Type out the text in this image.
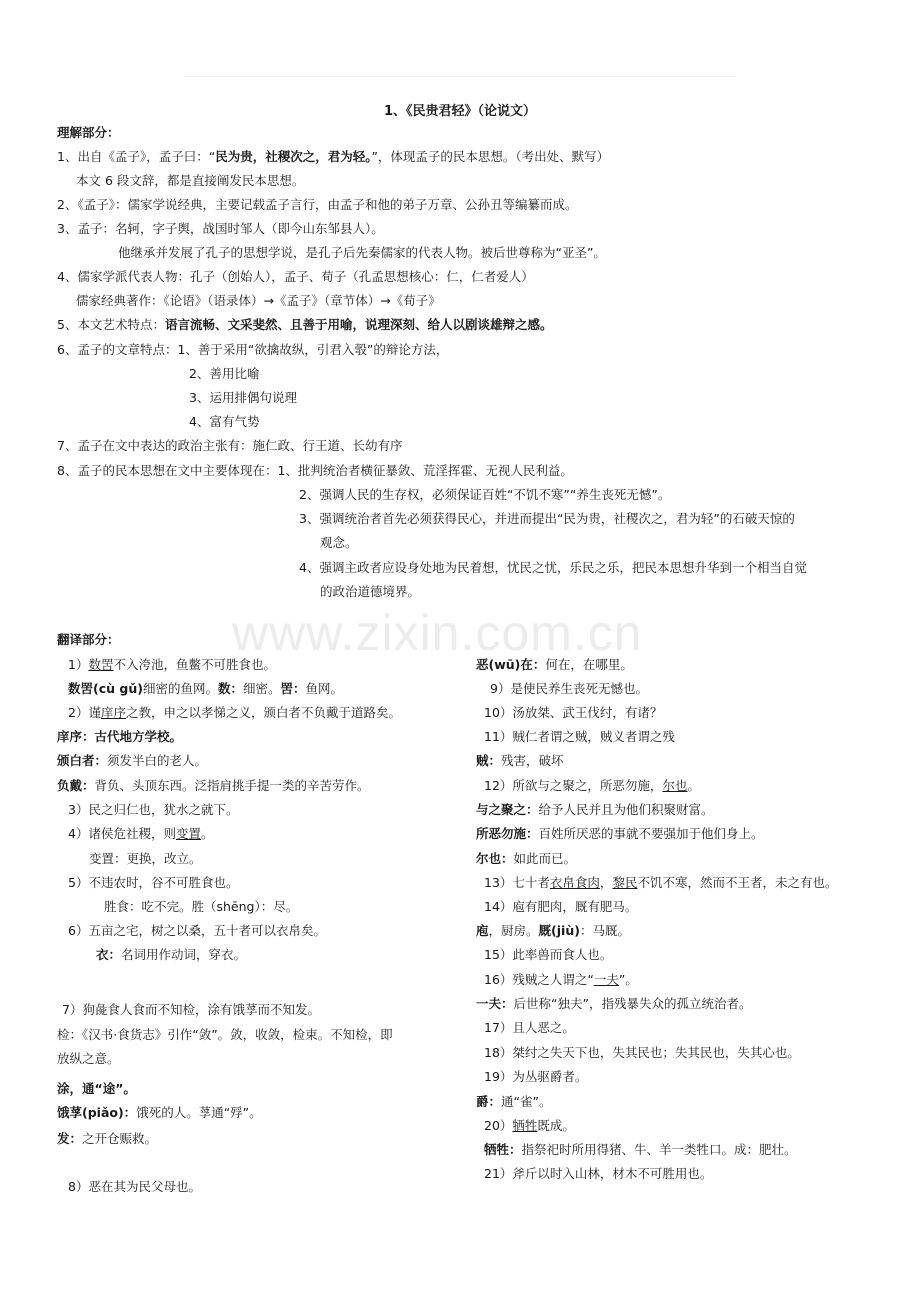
1、《民贵君轻》（论说文）
理解部分：
1、出自《孟子》，孟子曰：“民为贵，社稷次之，君为轻。”，体现孟子的民本思想。（考出处、默写）
本文 6 段文辞，都是直接阐发民本思想。
2、《孟子》：儒家学说经典，主要记载孟子言行，由孟子和他的弟子万章、公孙丑等编纂而成。
3、孟子：名轲，字子舆，战国时邹人（即今山东邹县人）。
他继承并发展了孔子的思想学说，是孔子后先秦儒家的代表人物。被后世尊称为“亚圣”。
4、儒家学派代表人物：孔子（创始人），孟子、荀子（孔孟思想核心：仁，仁者爱人）
儒家经典著作：《论语》（语录体）→《孟子》（章节体）→《荀子》
5、本文艺术特点：语言流畅、文采斐然、且善于用喻，说理深刻、给人以剧谈雄辩之感。
6、孟子的文章特点：1、善于采用“欲擒故纵，引君入彀”的辩论方法，
2、善用比喻
3、运用排偶句说理
4、富有气势
7、孟子在文中表达的政治主张有：施仁政、行王道、长幼有序
8、孟子的民本思想在文中主要体现在：1、批判统治者横征暴敛、荒淫挥霍、无视人民利益。
2、强调人民的生存权，必须保证百姓“不饥不寒”“养生丧死无憾”。
3、强调统治者首先必须获得民心，并进而提出“民为贵，社稷次之，君为轻”的石破天惊的
观念。
4、强调主政者应设身处地为民着想，忧民之忧，乐民之乐，把民本思想升华到一个相当自觉
的政治道德境界。
www.zixin.com.cn
翻译部分：
1）数罟不入洿池，鱼鳖不可胜食也。
数罟(cù gǔ)细密的鱼网。数：细密。罟：鱼网。
2）谨庠序之教，申之以孝悌之义，颁白者不负戴于道路矣。
庠序：古代地方学校。
颁白者：须发半白的老人。
负戴：背负、头顶东西。泛指肩挑手提一类的辛苦劳作。
3）民之归仁也，犹水之就下。
4）诸侯危社稷，则变置。
变置：更换，改立。
5）不违农时，谷不可胜食也。
胜食：吃不完。胜（shēng）：尽。
6）五亩之宅，树之以桑，五十者可以衣帛矣。
衣：名词用作动词，穿衣。
7）狗彘食人食而不知检，涂有饿莩而不知发。
检：《汉书·食货志》引作“敛”。敛，收敛，检束。不知检，即
放纵之意。
涂，通“途”。
饿莩(piǎo)：饿死的人。莩通“殍”。
发：之开仓赈救。
8）恶在其为民父母也。
恶(wū)在：何在，在哪里。
9）是使民养生丧死无憾也。
10）汤放桀、武王伐纣，有诸？
11）贼仁者谓之贼，贼义者谓之残
贼：残害，破坏
12）所欲与之聚之，所恶勿施，尔也。
与之聚之：给予人民并且为他们积聚财富。
所恶勿施：百姓所厌恶的事就不要强加于他们身上。
尔也：如此而已。
13）七十者衣帛食肉，黎民不饥不寒，然而不王者，未之有也。
14）庖有肥肉，厩有肥马。
庖，厨房。厩(jiù)：马厩。
15）此率兽而食人也。
16）残贼之人谓之“一夫”。
一夫：后世称“独夫”，指残暴失众的孤立统治者。
17）且人恶之。
18）桀纣之失天下也，失其民也；失其民也，失其心也。
19）为丛驱爵者。
爵：通“雀”。
20）牺牲既成。
牺牲：指祭祀时所用得猪、牛、羊一类牲口。成：肥壮。
21）斧斤以时入山林，材木不可胜用也。
